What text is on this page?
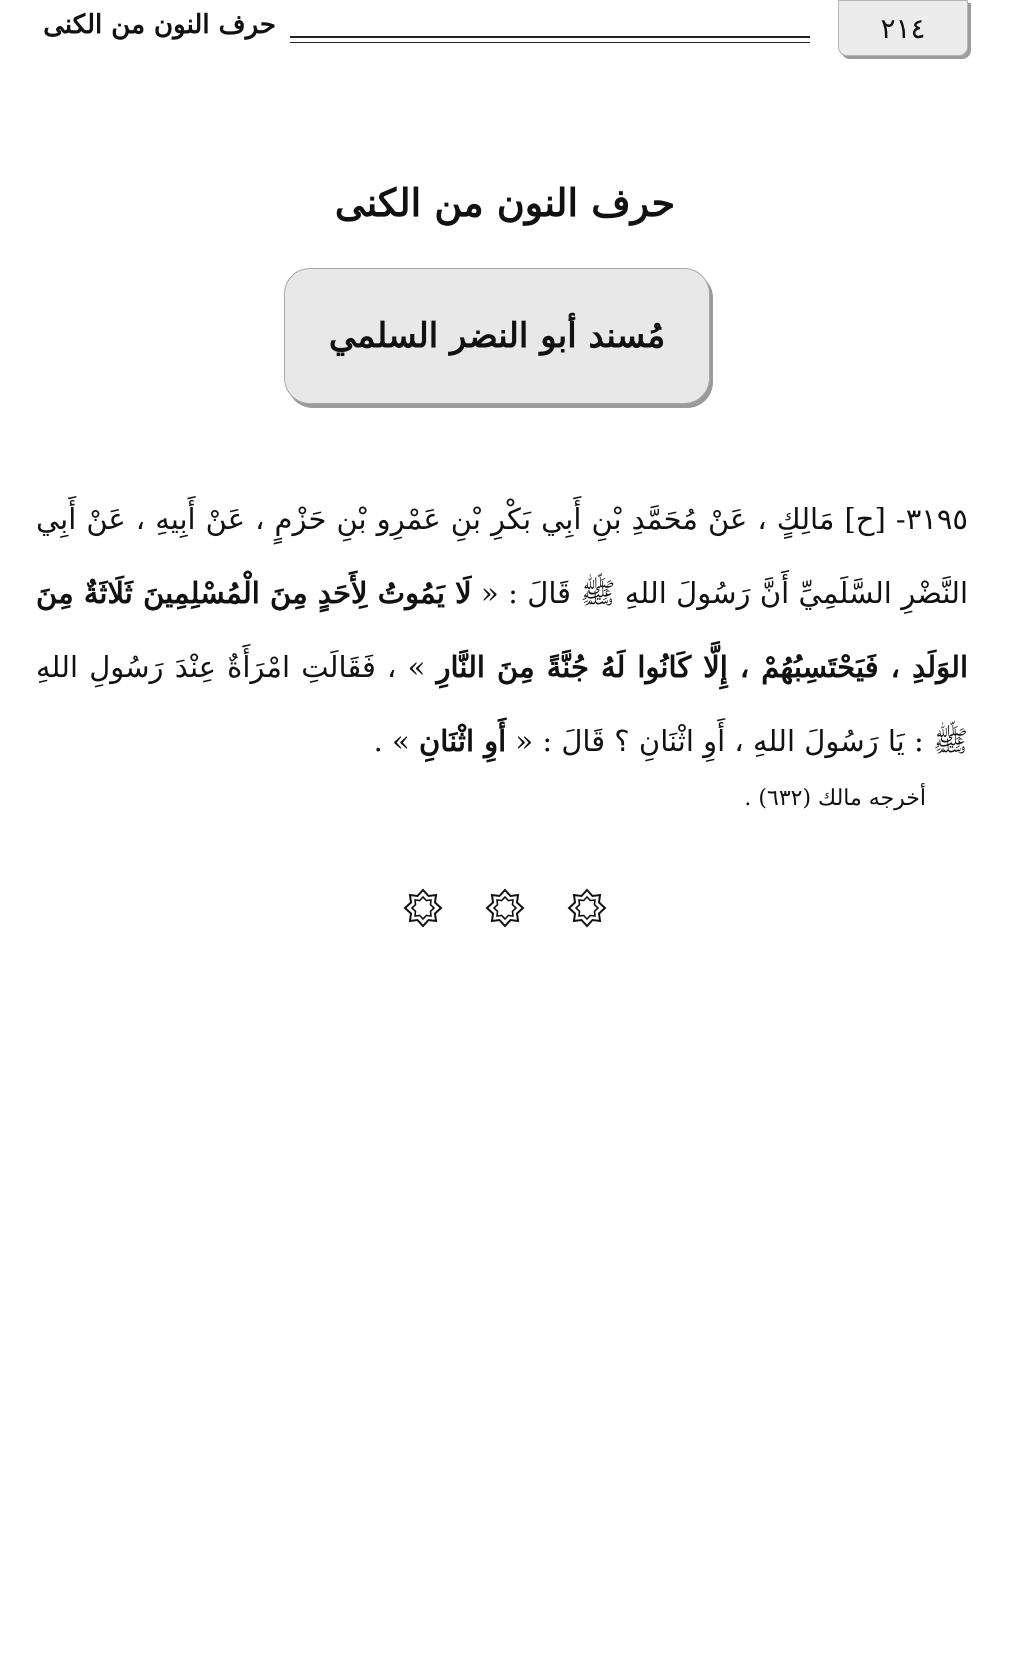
٢١٤
حرف النون من الكنى
حرف النون من الكنى
مُسند أبو النضر السلمي
٣١٩٥- [ح] مَالِكٍ ، عَنْ مُحَمَّدِ بْنِ أَبِي بَكْرِ بْنِ عَمْرِو بْنِ حَزْمٍ ، عَنْ أَبِيهِ ، عَنْ أَبِي النَّضْرِ السَّلَمِيِّ أَنَّ رَسُولَ اللهِ ﷺ قَالَ : « لَا يَمُوتُ لِأَحَدٍ مِنَ الْمُسْلِمِينَ ثَلَاثَةٌ مِنَ الوَلَدِ ، فَيَحْتَسِبُهُمْ ، إِلَّا كَانُوا لَهُ جُنَّةً مِنَ النَّارِ » ، فَقَالَتِ امْرَأَةٌ عِنْدَ رَسُولِ اللهِ ﷺ : يَا رَسُولَ اللهِ ، أَوِ اثْنَانِ ؟ قَالَ : « أَوِ اثْنَانِ » .
أخرجه مالك (٦٣٢) .
